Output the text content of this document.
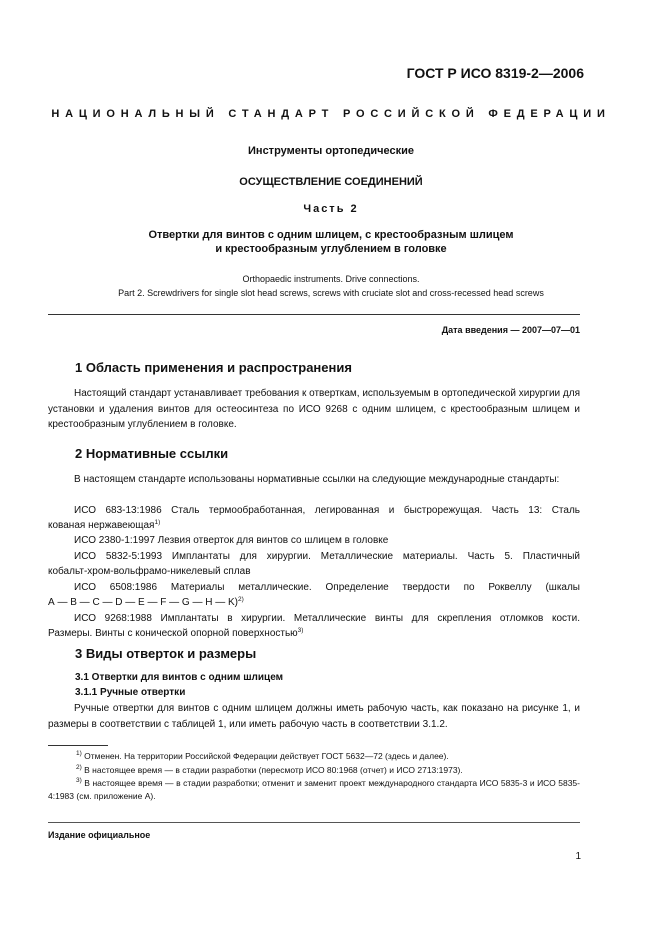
ГОСТ Р ИСО 8319-2—2006
НАЦИОНАЛЬНЫЙ СТАНДАРТ РОССИЙСКОЙ ФЕДЕРАЦИИ
Инструменты ортопедические
ОСУЩЕСТВЛЕНИЕ СОЕДИНЕНИЙ
Часть 2
Отвертки для винтов с одним шлицем, с крестообразным шлицем
и крестообразным углублением в головке
Orthopaedic instruments. Drive connections.
Part 2. Screwdrivers for single slot head screws, screws with cruciate slot and cross-recessed head screws
Дата введения — 2007—07—01
1 Область применения и распространения
Настоящий стандарт устанавливает требования к отверткам, используемым в ортопедической хирургии для установки и удаления винтов для остеосинтеза по ИСО 9268 с одним шлицем, с крестообразным шлицем и крестообразным углублением в головке.
2 Нормативные ссылки
В настоящем стандарте использованы нормативные ссылки на следующие международные стандарты:
ИСО 683-13:1986 Сталь термообработанная, легированная и быстрорежущая. Часть 13: Сталь
кованая нержавеющая$^{1)}$
ИСО 2380-1:1997 Лезвия отверток для винтов со шлицем в головке
ИСО 5832-5:1993 Имплантаты для хирургии. Металлические материалы. Часть 5. Пластичный
кобальт-хром-вольфрамо-никелевый сплав
ИСО 6508:1986 Материалы металлические. Определение твердости по Роквеллу (шкалы
А — В — С — D — E — F — G — H — K)$^{2)}$
ИСО 9268:1988 Имплантаты в хирургии. Металлические винты для скрепления отломков кости.
Размеры. Винты с конической опорной поверхностью$^{3)}$
3 Виды отверток и размеры
3.1 Отвертки для винтов с одним шлицем
3.1.1 Ручные отвертки
Ручные отвертки для винтов с одним шлицем должны иметь рабочую часть, как показано на рисунке 1, и размеры в соответствии с таблицей 1, или иметь рабочую часть в соответствии 3.1.2.
$^{1)}$ Отменен. На территории Российской Федерации действует ГОСТ 5632—72 (здесь и далее).
$^{2)}$ В настоящее время — в стадии разработки (пересмотр ИСО 80:1968 (отчет) и ИСО 2713:1973).
$^{3)}$ В настоящее время — в стадии разработки; отменит и заменит проект международного стандарта ИСО 5835-3 и ИСО 5835-4:1983 (см. приложение А).
Издание официальное
1
